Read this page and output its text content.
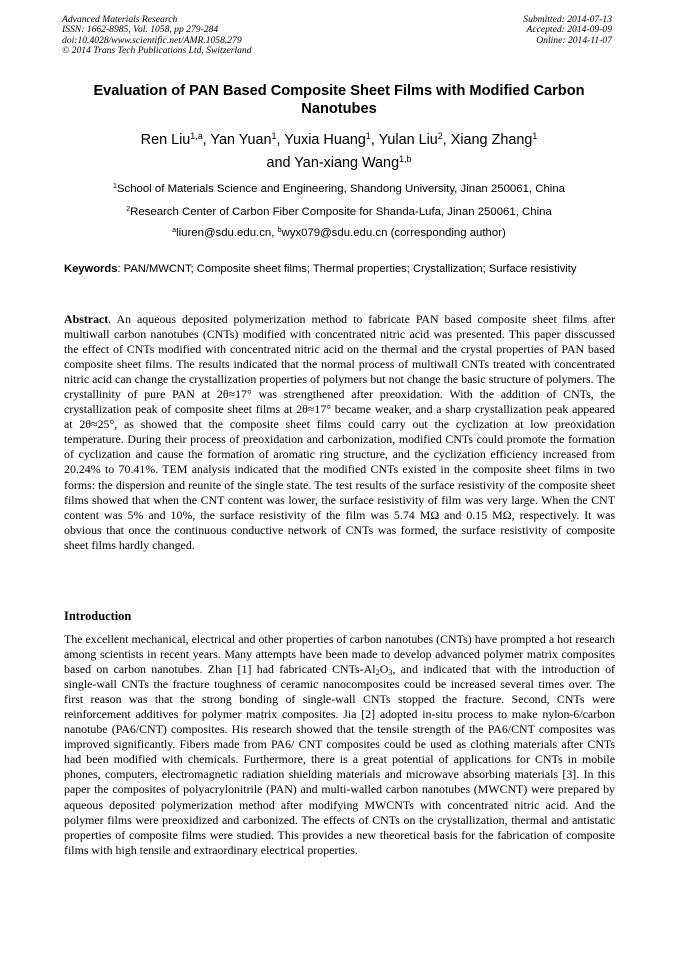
Advanced Materials Research
ISSN: 1662-8985, Vol. 1058, pp 279-284
doi:10.4028/www.scientific.net/AMR.1058.279
© 2014 Trans Tech Publications Ltd, Switzerland
Submitted: 2014-07-13
Accepted: 2014-09-09
Online: 2014-11-07
Evaluation of PAN Based Composite Sheet Films with Modified Carbon Nanotubes
Ren Liu$^{1,a}$, Yan Yuan$^1$, Yuxia Huang$^1$, Yulan Liu$^2$, Xiang Zhang$^1$
and Yan-xiang Wang$^{1,b}$
$^1$School of Materials Science and Engineering, Shandong University, Jinan 250061, China
$^2$Research Center of Carbon Fiber Composite for Shanda-Lufa, Jinan 250061, China
$^a$liuren@sdu.edu.cn, $^b$wyx079@sdu.edu.cn (corresponding author)
Keywords: PAN/MWCNT; Composite sheet films; Thermal properties; Crystallization; Surface resistivity
Abstract. An aqueous deposited polymerization method to fabricate PAN based composite sheet films after multiwall carbon nanotubes (CNTs) modified with concentrated nitric acid was presented. This paper disscussed the effect of CNTs modified with concentrated nitric acid on the thermal and the crystal properties of PAN based composite sheet films. The results indicated that the normal process of multiwall CNTs treated with concentrated nitric acid can change the crystallization properties of polymers but not change the basic structure of polymers. The crystallinity of pure PAN at 2θ≈17° was strengthened after preoxidation. With the addition of CNTs, the crystallization peak of composite sheet films at 2θ≈17° became weaker, and a sharp crystallization peak appeared at 2θ≈25°, as showed that the composite sheet films could carry out the cyclization at low preoxidation temperature. During their process of preoxidation and carbonization, modified CNTs could promote the formation of cyclization and cause the formation of aromatic ring structure, and the cyclization efficiency increased from 20.24% to 70.41%. TEM analysis indicated that the modified CNTs existed in the composite sheet films in two forms: the dispersion and reunite of the single state. The test results of the surface resistivity of the composite sheet films showed that when the CNT content was lower, the surface resistivity of film was very large. When the CNT content was 5% and 10%, the surface resistivity of the film was 5.74 MΩ and 0.15 MΩ, respectively. It was obvious that once the continuous conductive network of CNTs was formed, the surface resistivity of composite sheet films hardly changed.
Introduction
The excellent mechanical, electrical and other properties of carbon nanotubes (CNTs) have prompted a hot research among scientists in recent years. Many attempts have been made to develop advanced polymer matrix composites based on carbon nanotubes. Zhan [1] had fabricated CNTs-$Al_2O_3$, and indicated that with the introduction of single-wall CNTs the fracture toughness of ceramic nanocomposites could be increased several times over. The first reason was that the strong bonding of single-wall CNTs stopped the fracture. Second, CNTs were reinforcement additives for polymer matrix composites. Jia [2] adopted in-situ process to make nylon-6/carbon nanotube (PA6/CNT) composites. His research showed that the tensile strength of the PA6/CNT composites was improved significantly. Fibers made from PA6/ CNT composites could be used as clothing materials after CNTs had been modified with chemicals. Furthermore, there is a great potential of applications for CNTs in mobile phones, computers, electromagnetic radiation shielding materials and microwave absorbing materials [3]. In this paper the composites of polyacrylonitrile (PAN) and multi-walled carbon nanotubes (MWCNT) were prepared by aqueous deposited polymerization method after modifying MWCNTs with concentrated nitric acid. And the polymer films were preoxidized and carbonized. The effects of CNTs on the crystallization, thermal and antistatic properties of composite films were studied. This provides a new theoretical basis for the fabrication of composite films with high tensile and extraordinary electrical properties.
